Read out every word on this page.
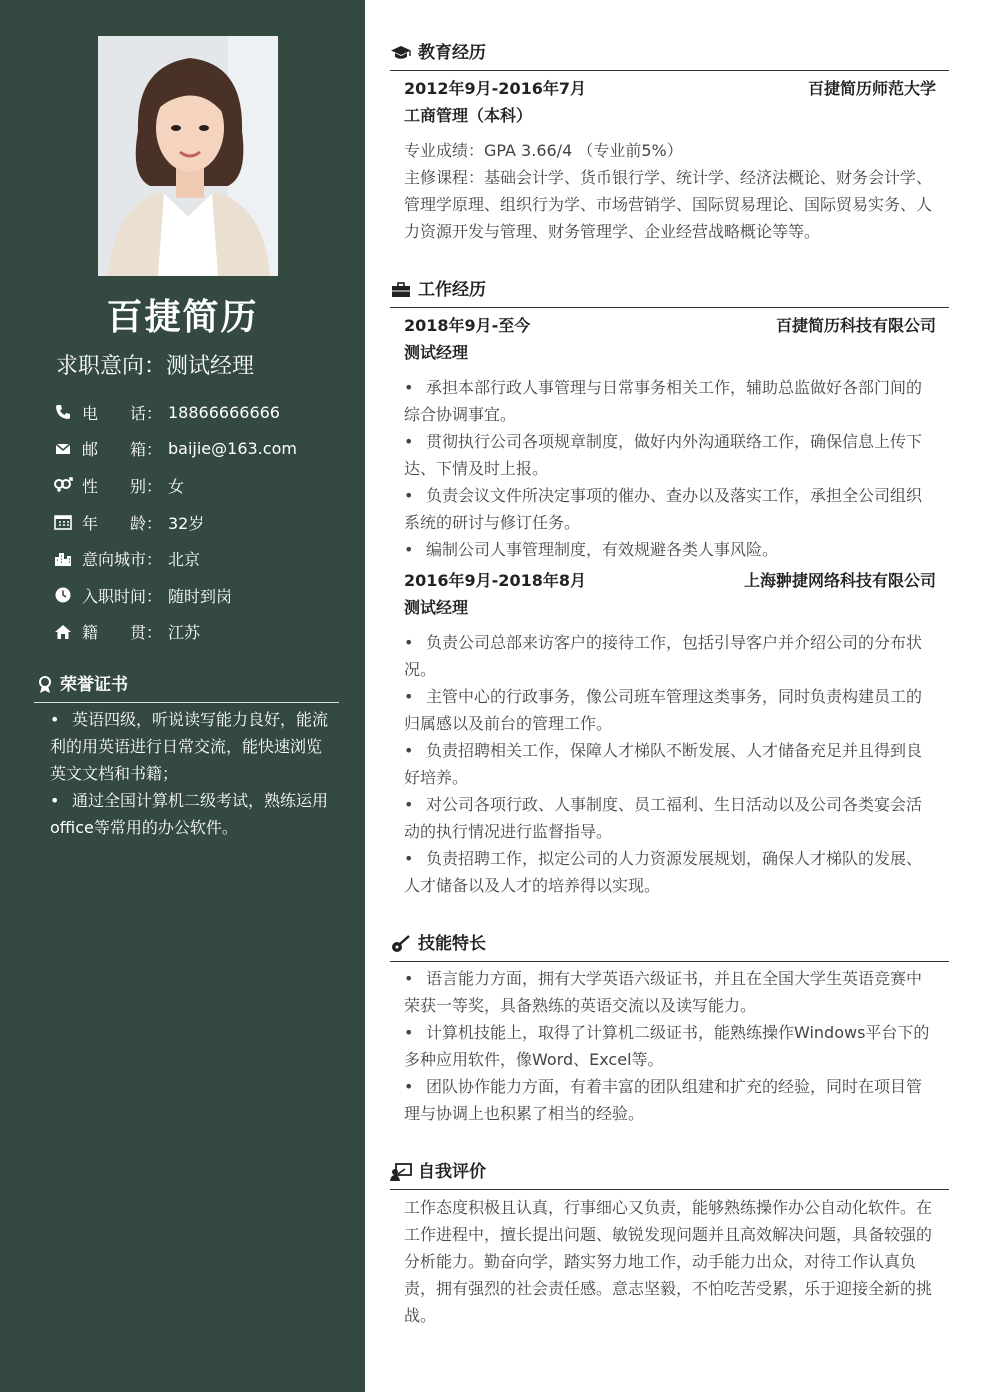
百捷简历
求职意向：测试经理
电　　话： 18866666666
邮　　箱： baijie@163.com
性　　别： 女
年　　龄： 32岁
意向城市： 北京
入职时间： 随时到岗
籍　　贯： 江苏
荣誉证书
• 英语四级，听说读写能力良好，能流利的用英语进行日常交流，能快速浏览英文文档和书籍；
• 通过全国计算机二级考试，熟练运用office等常用的办公软件。
教育经历
2012年9月-2016年7月	百捷简历师范大学
工商管理（本科）
专业成绩：GPA 3.66/4 （专业前5%）
主修课程：基础会计学、货币银行学、统计学、经济法概论、财务会计学、管理学原理、组织行为学、市场营销学、国际贸易理论、国际贸易实务、人力资源开发与管理、财务管理学、企业经营战略概论等等。
工作经历
2018年9月-至今	百捷简历科技有限公司
测试经理
• 承担本部行政人事管理与日常事务相关工作，辅助总监做好各部门间的综合协调事宜。
• 贯彻执行公司各项规章制度，做好内外沟通联络工作，确保信息上传下达、下情及时上报。
• 负责会议文件所决定事项的催办、查办以及落实工作，承担全公司组织系统的研讨与修订任务。
• 编制公司人事管理制度，有效规避各类人事风险。
2016年9月-2018年8月	上海翀捷网络科技有限公司
测试经理
• 负责公司总部来访客户的接待工作，包括引导客户并介绍公司的分布状况。
• 主管中心的行政事务，像公司班车管理这类事务，同时负责构建员工的归属感以及前台的管理工作。
• 负责招聘相关工作，保障人才梯队不断发展、人才储备充足并且得到良好培养。
• 对公司各项行政、人事制度、员工福利、生日活动以及公司各类宴会活动的执行情况进行监督指导。
• 负责招聘工作，拟定公司的人力资源发展规划，确保人才梯队的发展、人才储备以及人才的培养得以实现。
技能特长
• 语言能力方面，拥有大学英语六级证书，并且在全国大学生英语竞赛中荣获一等奖，具备熟练的英语交流以及读写能力。
• 计算机技能上，取得了计算机二级证书，能熟练操作Windows平台下的多种应用软件，像Word、Excel等。
• 团队协作能力方面，有着丰富的团队组建和扩充的经验，同时在项目管理与协调上也积累了相当的经验。
自我评价
工作态度积极且认真，行事细心又负责，能够熟练操作办公自动化软件。在工作进程中，擅长提出问题、敏锐发现问题并且高效解决问题，具备较强的分析能力。勤奋向学，踏实努力地工作，动手能力出众，对待工作认真负责，拥有强烈的社会责任感。意志坚毅，不怕吃苦受累，乐于迎接全新的挑战。
